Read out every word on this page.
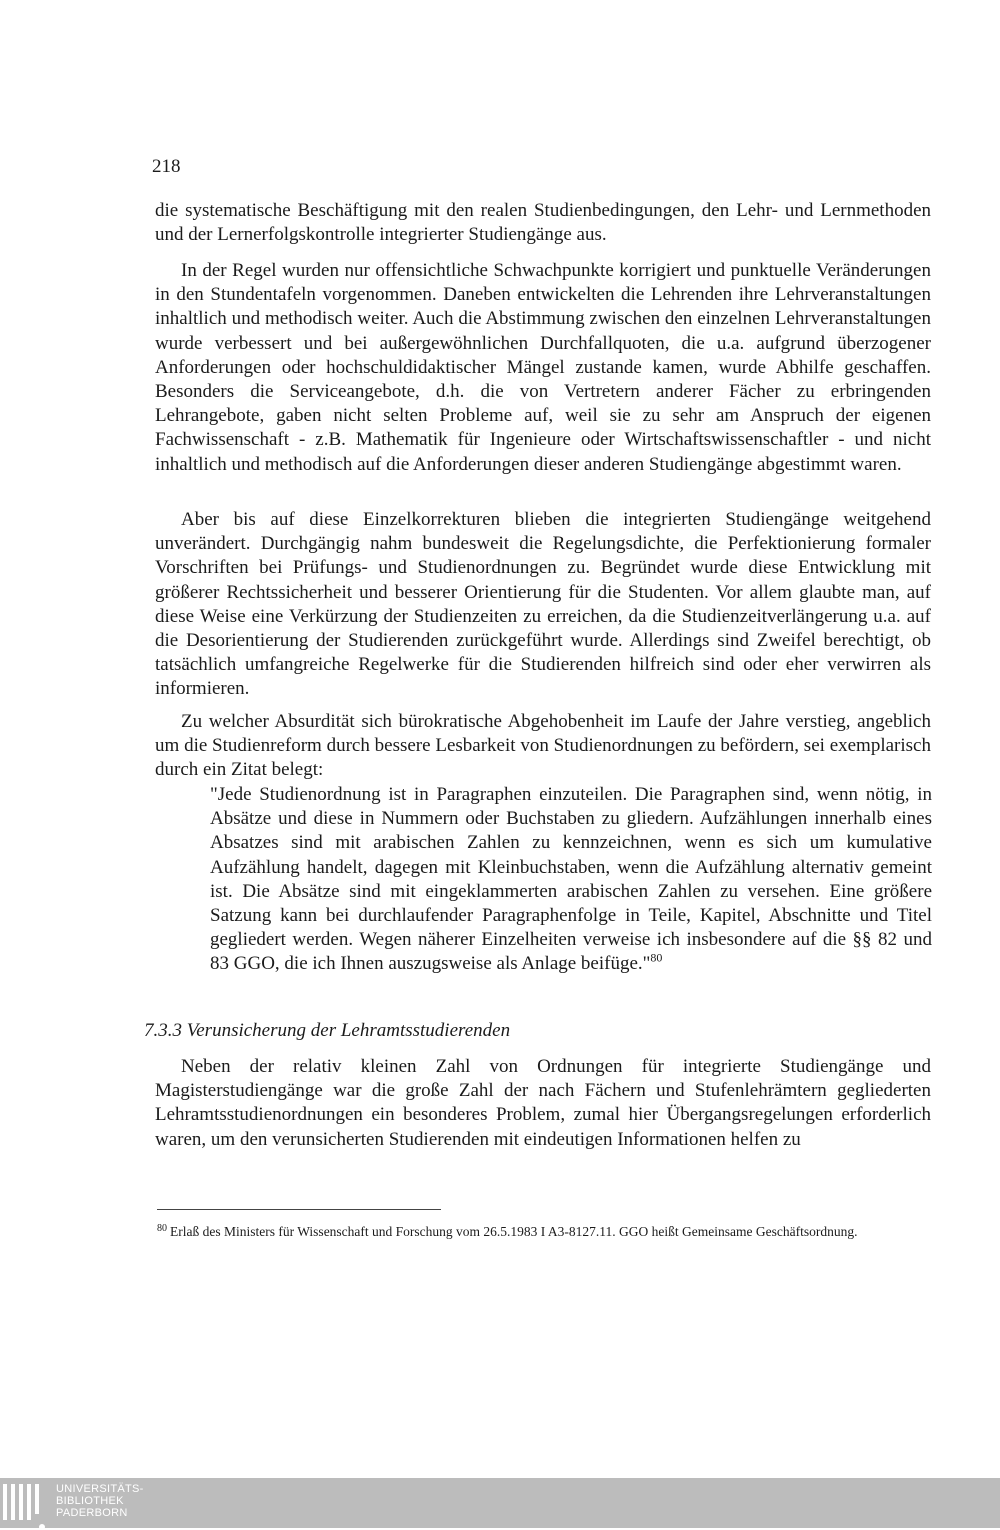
218

die systematische Beschäftigung mit den realen Studienbedingungen, den Lehr- und Lernmethoden und der Lernerfolgskontrolle integrierter Studiengänge aus.

In der Regel wurden nur offensichtliche Schwachpunkte korrigiert und punktuelle Veränderungen in den Stundentafeln vorgenommen. Daneben entwickelten die Lehrenden ihre Lehrveranstaltungen inhaltlich und methodisch weiter. Auch die Abstimmung zwischen den einzelnen Lehrveranstaltungen wurde verbessert und bei außergewöhnlichen Durchfallquoten, die u.a. aufgrund überzogener Anforderungen oder hochschuldidaktischer Mängel zustande kamen, wurde Abhilfe geschaffen. Besonders die Serviceangebote, d.h. die von Vertretern anderer Fächer zu erbringenden Lehrangebote, gaben nicht selten Probleme auf, weil sie zu sehr am Anspruch der eigenen Fachwissenschaft - z.B. Mathematik für Ingenieure oder Wirtschaftswissenschaftler - und nicht inhaltlich und methodisch auf die Anforderungen dieser anderen Studiengänge abgestimmt waren.

Aber bis auf diese Einzelkorrekturen blieben die integrierten Studiengänge weitgehend unverändert. Durchgängig nahm bundesweit die Regelungsdichte, die Perfektionierung formaler Vorschriften bei Prüfungs- und Studienordnungen zu. Begründet wurde diese Entwicklung mit größerer Rechtssicherheit und besserer Orientierung für die Studenten. Vor allem glaubte man, auf diese Weise eine Verkürzung der Studienzeiten zu erreichen, da die Studienzeitverlängerung u.a. auf die Desorientierung der Studierenden zurückgeführt wurde. Allerdings sind Zweifel berechtigt, ob tatsächlich umfangreiche Regelwerke für die Studierenden hilfreich sind oder eher verwirren als informieren.

Zu welcher Absurdität sich bürokratische Abgehobenheit im Laufe der Jahre verstieg, angeblich um die Studienreform durch bessere Lesbarkeit von Studienordnungen zu befördern, sei exemplarisch durch ein Zitat belegt:

"Jede Studienordnung ist in Paragraphen einzuteilen. Die Paragraphen sind, wenn nötig, in Absätze und diese in Nummern oder Buchstaben zu gliedern. Aufzählungen innerhalb eines Absatzes sind mit arabischen Zahlen zu kennzeichnen, wenn es sich um kumulative Aufzählung handelt, dagegen mit Kleinbuchstaben, wenn die Aufzählung alternativ gemeint ist. Die Absätze sind mit eingeklammerten arabischen Zahlen zu versehen. Eine größere Satzung kann bei durchlaufender Paragraphenfolge in Teile, Kapitel, Abschnitte und Titel gegliedert werden. Wegen näherer Einzelheiten verweise ich insbesondere auf die §§ 82 und 83 GGO, die ich Ihnen auszugsweise als Anlage beifüge."$^{80}$

7.3.3 Verunsicherung der Lehramtsstudierenden

Neben der relativ kleinen Zahl von Ordnungen für integrierte Studiengänge und Magisterstudiengänge war die große Zahl der nach Fächern und Stufenlehrämtern gegliederten Lehramtsstudienordnungen ein besonderes Problem, zumal hier Übergangsregelungen erforderlich waren, um den verunsicherten Studierenden mit eindeutigen Informationen helfen zu

$^{80}$ Erlaß des Ministers für Wissenschaft und Forschung vom 26.5.1983 I A3-8127.11. GGO heißt Gemeinsame Geschäftsordnung.
UNIVERSITÄTS-
BIBLIOTHEK
PADERBORN
